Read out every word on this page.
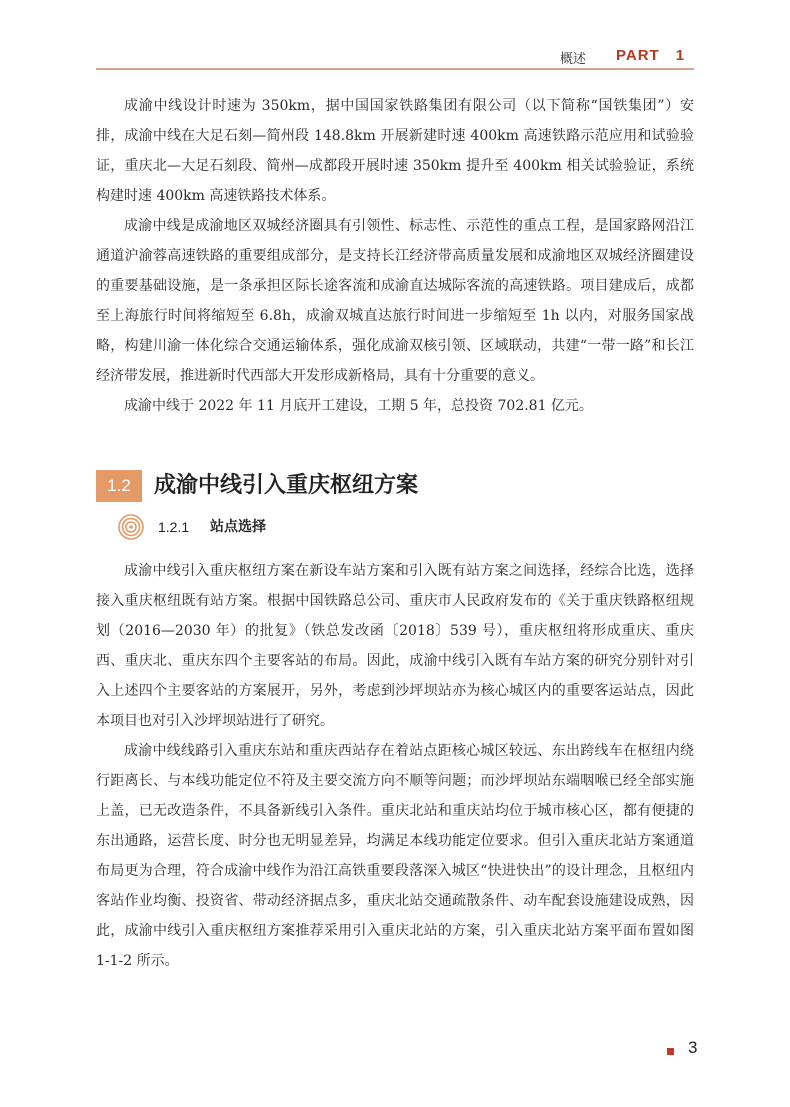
概述	PART　1

成渝中线设计时速为 350km，据中国国家铁路集团有限公司（以下简称“国铁集团”）安排，成渝中线在大足石刻—简州段 148.8km 开展新建时速 400km 高速铁路示范应用和试验验证，重庆北—大足石刻段、简州—成都段开展时速 350km 提升至 400km 相关试验验证，系统构建时速 400km 高速铁路技术体系。

成渝中线是成渝地区双城经济圈具有引领性、标志性、示范性的重点工程，是国家路网沿江通道沪渝蓉高速铁路的重要组成部分，是支持长江经济带高质量发展和成渝地区双城经济圈建设的重要基础设施，是一条承担区际长途客流和成渝直达城际客流的高速铁路。项目建成后，成都至上海旅行时间将缩短至 6.8h，成渝双城直达旅行时间进一步缩短至 1h 以内，对服务国家战略，构建川渝一体化综合交通运输体系，强化成渝双核引领、区域联动，共建“一带一路”和长江经济带发展，推进新时代西部大开发形成新格局，具有十分重要的意义。

成渝中线于 2022 年 11 月底开工建设，工期 5 年，总投资 702.81 亿元。

1.2	成渝中线引入重庆枢纽方案
1.2.1 站点选择

成渝中线引入重庆枢纽方案在新设车站方案和引入既有站方案之间选择，经综合比选，选择接入重庆枢纽既有站方案。根据中国铁路总公司、重庆市人民政府发布的《关于重庆铁路枢纽规划（2016—2030 年）的批复》（铁总发改函〔2018〕539 号），重庆枢纽将形成重庆、重庆西、重庆北、重庆东四个主要客站的布局。因此，成渝中线引入既有车站方案的研究分别针对引入上述四个主要客站的方案展开，另外，考虑到沙坪坝站亦为核心城区内的重要客运站点，因此本项目也对引入沙坪坝站进行了研究。

成渝中线线路引入重庆东站和重庆西站存在着站点距核心城区较远、东出跨线车在枢纽内绕行距离长、与本线功能定位不符及主要交流方向不顺等问题；而沙坪坝站东端咽喉已经全部实施上盖，已无改造条件，不具备新线引入条件。重庆北站和重庆站均位于城市核心区，都有便捷的东出通路，运营长度、时分也无明显差异，均满足本线功能定位要求。但引入重庆北站方案通道布局更为合理，符合成渝中线作为沿江高铁重要段落深入城区“快进快出”的设计理念，且枢纽内客站作业均衡、投资省、带动经济据点多，重庆北站交通疏散条件、动车配套设施建设成熟，因此，成渝中线引入重庆枢纽方案推荐采用引入重庆北站的方案，引入重庆北站方案平面布置如图 1-1-2 所示。

3
